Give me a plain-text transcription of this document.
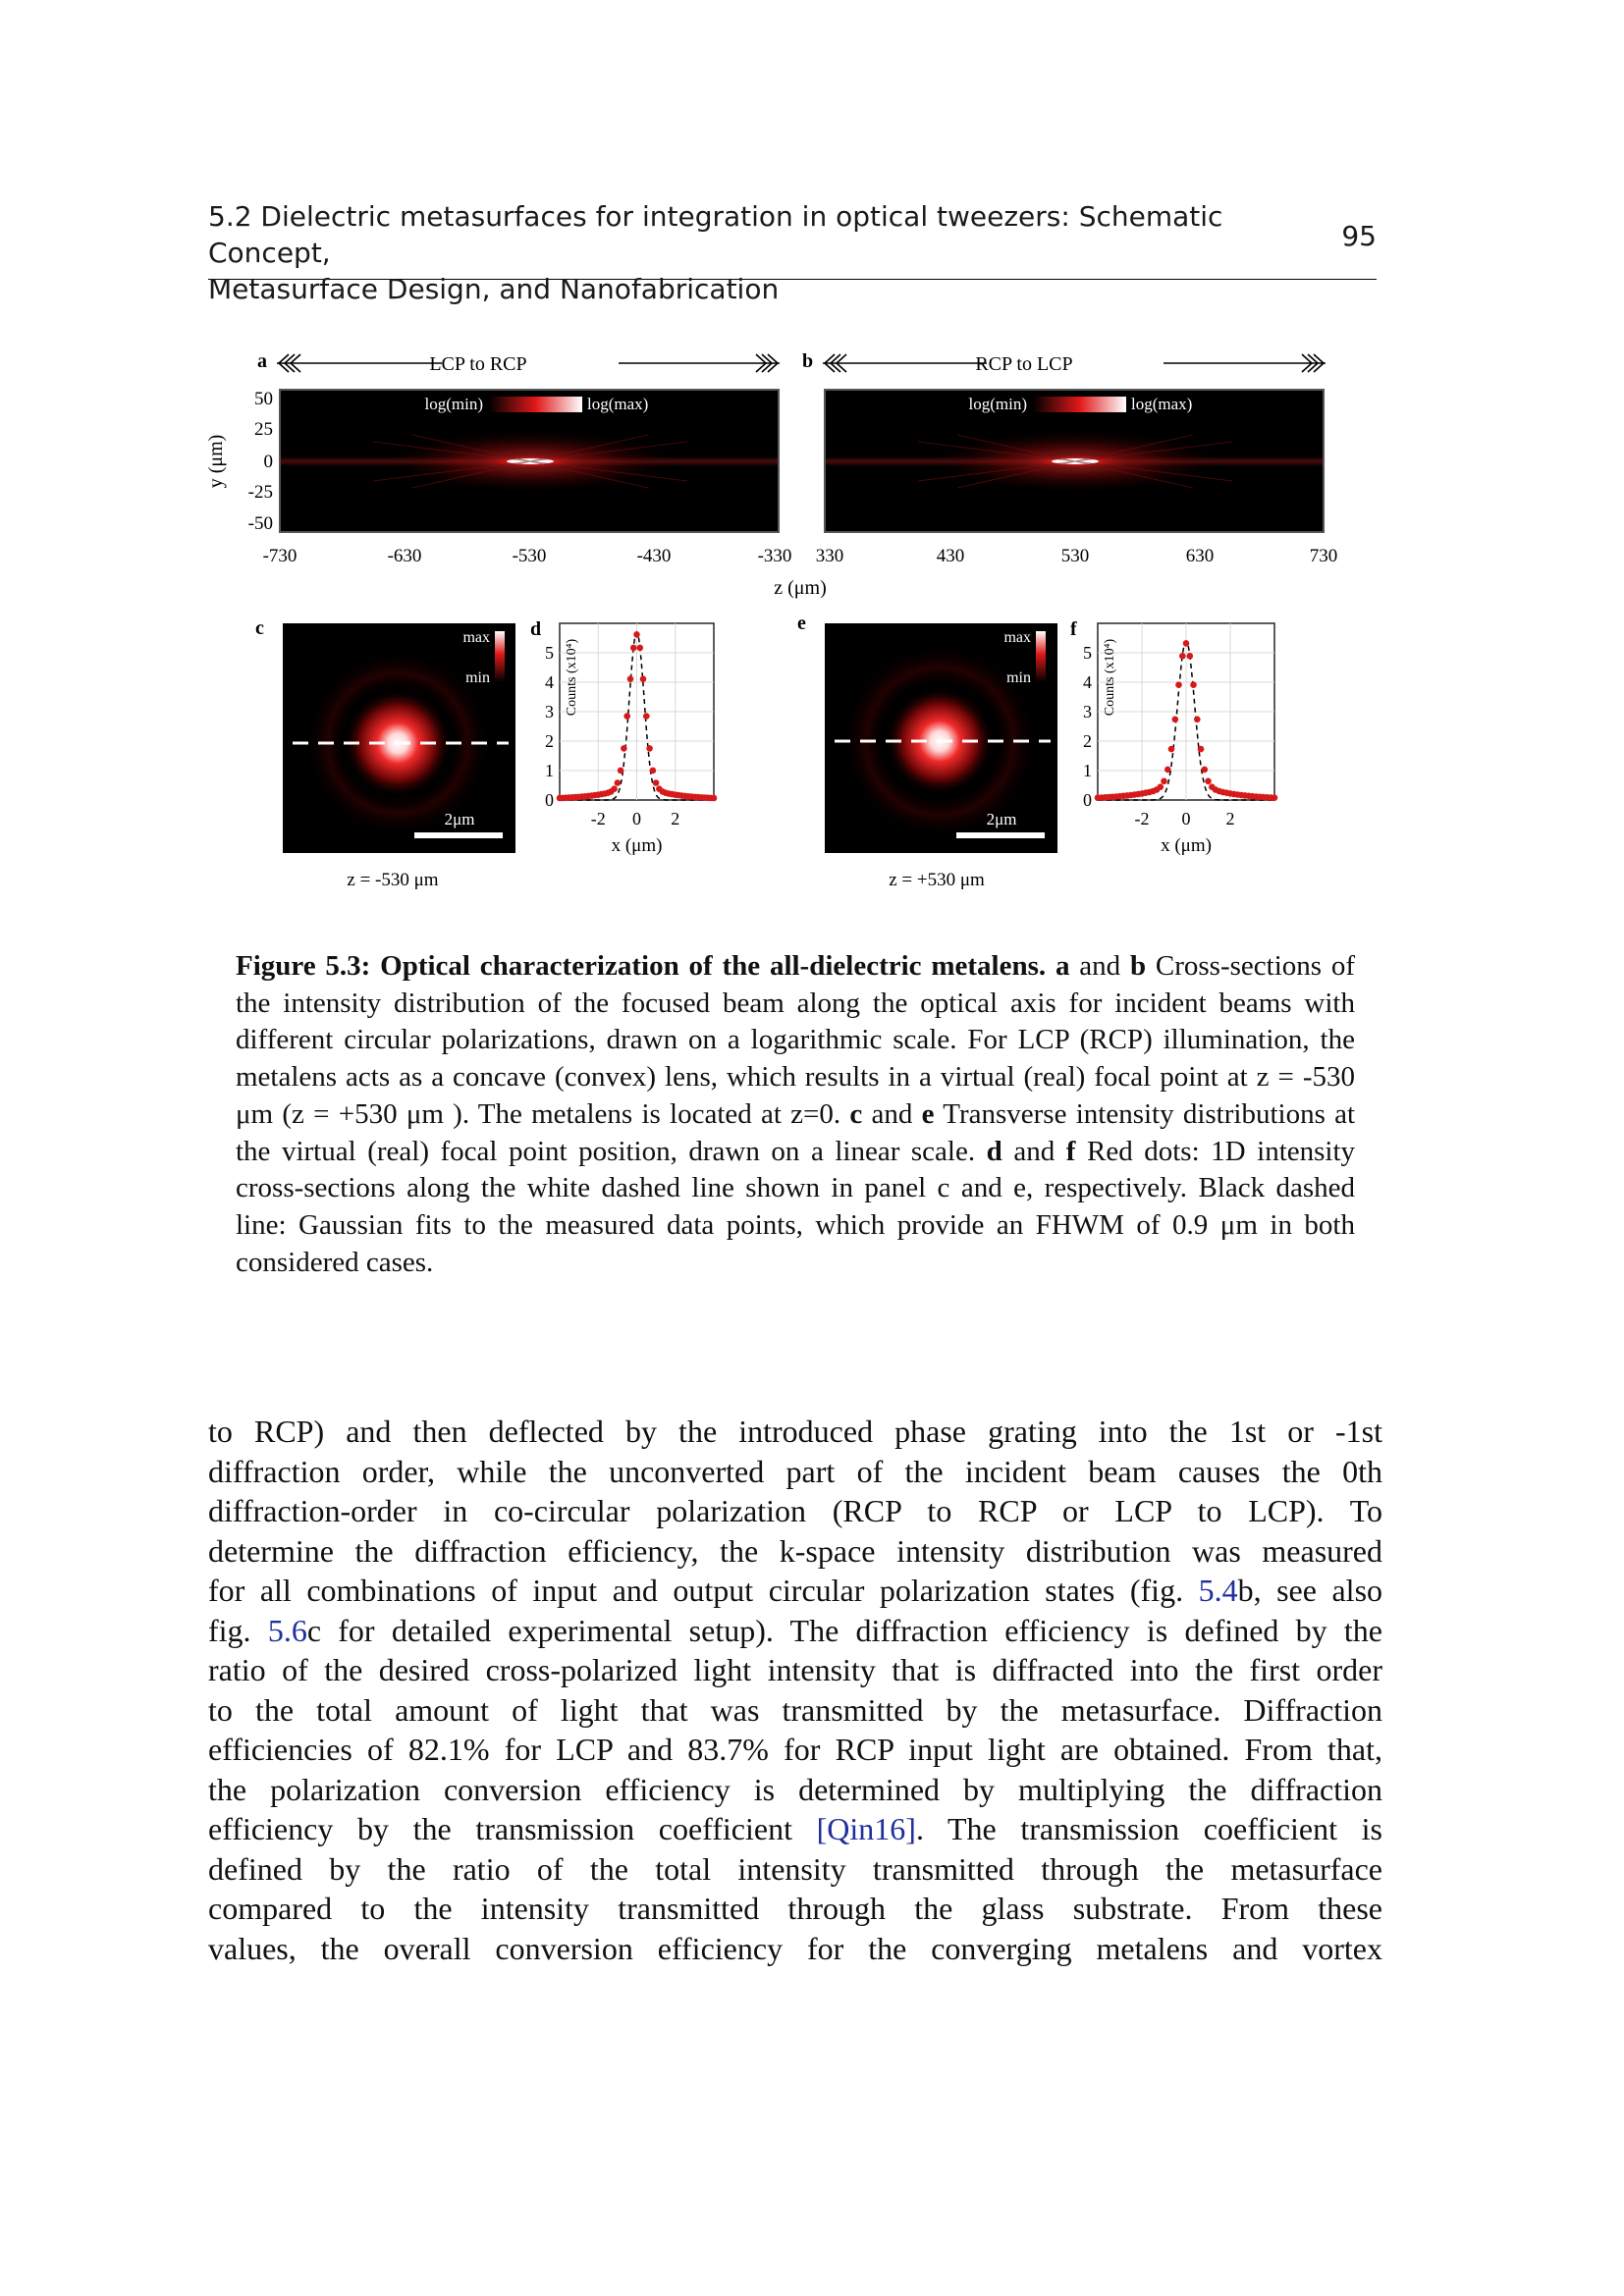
5.2 Dielectric metasurfaces for integration in optical tweezers: Schematic Concept,
Metasurface Design, and Nanofabrication
95
a	LCP to RCP
log(min)	log(max)
50
25
0
-25
-50
y (μm)
-730	-630	-530	-430	-330
b	RCP to LCP
log(min)	log(max)
330	430	530	630	730
z (μm)
c	max
min
2μm
z = -530 μm
e
max
min
2μm
z = +530 μm
d	f
-2 0 2
0
1
2
3
4
5
x (μm)
Counts (x10⁴)
-2 0 2
0
1
2
3
4
5
x (μm)
Counts (x10⁴)
Figure 5.3: Optical characterization of the all-dielectric metalens. a and b Cross-sections of the intensity distribution of the focused beam along the optical axis for incident beams with different circular polarizations, drawn on a logarithmic scale. For LCP (RCP) illumination, the metalens acts as a concave (convex) lens, which results in a virtual (real) focal point at z = -530 μm (z = +530 μm ). The metalens is located at z=0. c and e Transverse intensity distributions at the virtual (real) focal point position, drawn on a linear scale. d and f Red dots: 1D intensity cross-sections along the white dashed line shown in panel c and e, respectively. Black dashed line: Gaussian fits to the measured data points, which provide an FHWM of 0.9 μm in both considered cases.
to RCP) and then deflected by the introduced phase grating into the 1st or -1st
diffraction order, while the unconverted part of the incident beam causes the 0th
diffraction-order in co-circular polarization (RCP to RCP or LCP to LCP). To
determine the diffraction efficiency, the k-space intensity distribution was measured
for all combinations of input and output circular polarization states (fig. 5.4b, see also
fig. 5.6c for detailed experimental setup). The diffraction efficiency is defined by the
ratio of the desired cross-polarized light intensity that is diffracted into the first order
to the total amount of light that was transmitted by the metasurface. Diffraction
efficiencies of 82.1% for LCP and 83.7% for RCP input light are obtained. From that,
the polarization conversion efficiency is determined by multiplying the diffraction
efficiency by the transmission coefficient [Qin16]. The transmission coefficient is
defined by the ratio of the total intensity transmitted through the metasurface
compared to the intensity transmitted through the glass substrate. From these
values, the overall conversion efficiency for the converging metalens and vortex
